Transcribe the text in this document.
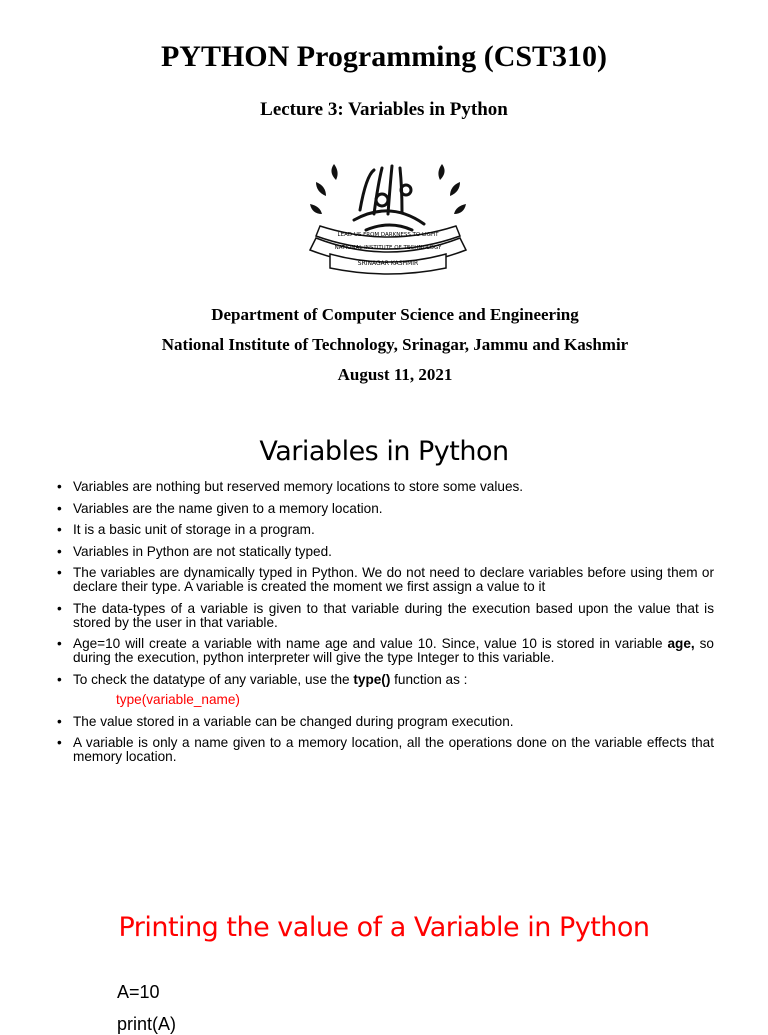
PYTHON Programming (CST310)
Lecture 3: Variables in Python
LEAD US FROM DARKNESS TO LIGHT
NATIONAL INSTITUTE OF TECHNOLOGY
SRINAGAR KASHMIR
Department of Computer Science and Engineering
National Institute of Technology, Srinagar, Jammu and Kashmir
August 11, 2021
Variables in Python
• Variables are nothing but reserved memory locations to store some values.
• Variables are the name given to a memory location.
• It is a basic unit of storage in a program.
• Variables in Python are not statically typed.
• The variables are dynamically typed in Python. We do not need to declare variables before using them or declare their type. A variable is created the moment we first assign a value to it
• The data-types of a variable is given to that variable during the execution based upon the value that is stored by the user in that variable.
• Age=10 will create a variable with name age and value 10. Since, value 10 is stored in variable age, so during the execution, python interpreter will give the type Integer to this variable.
• To check the datatype of any variable, use the type() function as :
type(variable_name)
• The value stored in a variable can be changed during program execution.
• A variable is only a name given to a memory location, all the operations done on the variable effects that memory location.
Printing the value of a Variable in Python
A=10
print(A)
